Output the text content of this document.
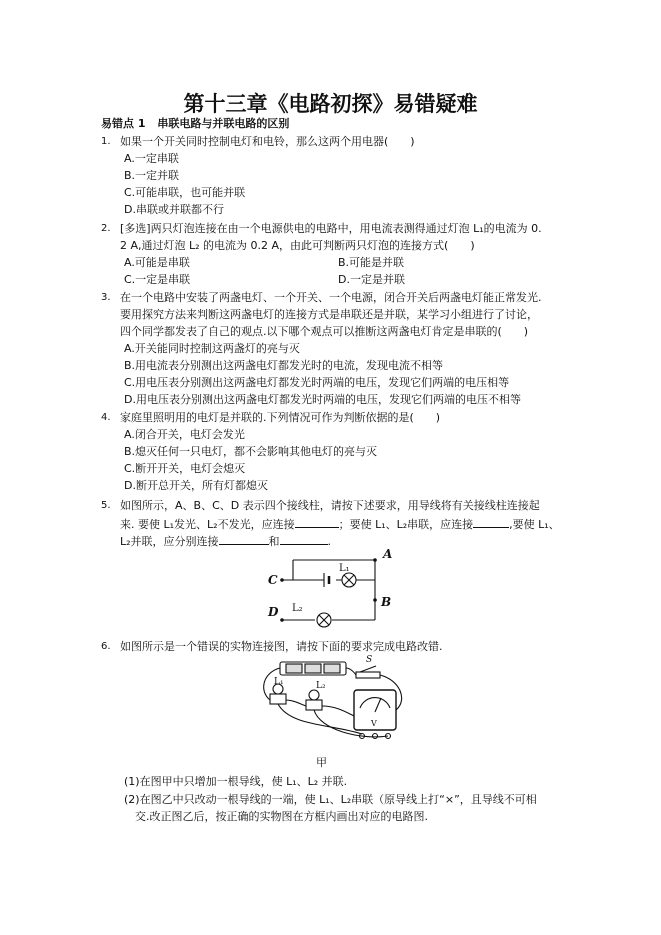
第十三章《电路初探》易错疑难
易错点 1 串联电路与并联电路的区别
1. 如果一个开关同时控制电灯和电铃，那么这两个用电器(　　)
A.一定串联
B.一定并联
C.可能串联，也可能并联
D.串联或并联都不行
2. [多选]两只灯泡连接在由一个电源供电的电路中，用电流表测得通过灯泡 L₁的电流为 0.
2 A,通过灯泡 L₂ 的电流为 0.2 A，由此可判断两只灯泡的连接方式(　　)
A.可能是串联	B.可能是并联
C.一定是串联	D.一定是并联
3. 在一个电路中安装了两盏电灯、一个开关、一个电源，闭合开关后两盏电灯能正常发光.
要用探究方法来判断这两盏电灯的连接方式是串联还是并联，某学习小组进行了讨论，
四个同学都发表了自己的观点.以下哪个观点可以推断这两盏电灯肯定是串联的(　　)
A.开关能同时控制这两盏灯的亮与灭
B.用电流表分别测出这两盏电灯都发光时的电流，发现电流不相等
C.用电压表分别测出这两盏电灯都发光时两端的电压，发现它们两端的电压相等
D.用电压表分别测出这两盏电灯都发光时两端的电压，发现它们两端的电压不相等
4. 家庭里照明用的电灯是并联的.下列情况可作为判断依据的是(　　)
A.闭合开关，电灯会发光
B.熄灭任何一只电灯，都不会影响其他电灯的亮与灭
C.断开开关，电灯会熄灭
D.断开总开关，所有灯都熄灭
5. 如图所示，A、B、C、D 表示四个接线柱，请按下述要求，用导线将有关接线柱连接起
来. 要使 L₁发光、L₂不发光，应连接	；要使 L₁、L₂串联，应连接	,要使 L₁、
L₂并联，应分别连接	和	.
A
B
C
D
L₁
L₂
6. 如图所示是一个错误的实物连接图，请按下面的要求完成电路改错.
S
L₁	L₂
V
甲
(1)在图甲中只增加一根导线，使 L₁、L₂ 并联.
(2)在图乙中只改动一根导线的一端，使 L₁、L₂串联（原导线上打“×”，且导线不可相
交.改正图乙后，按正确的实物图在方框内画出对应的电路图.
